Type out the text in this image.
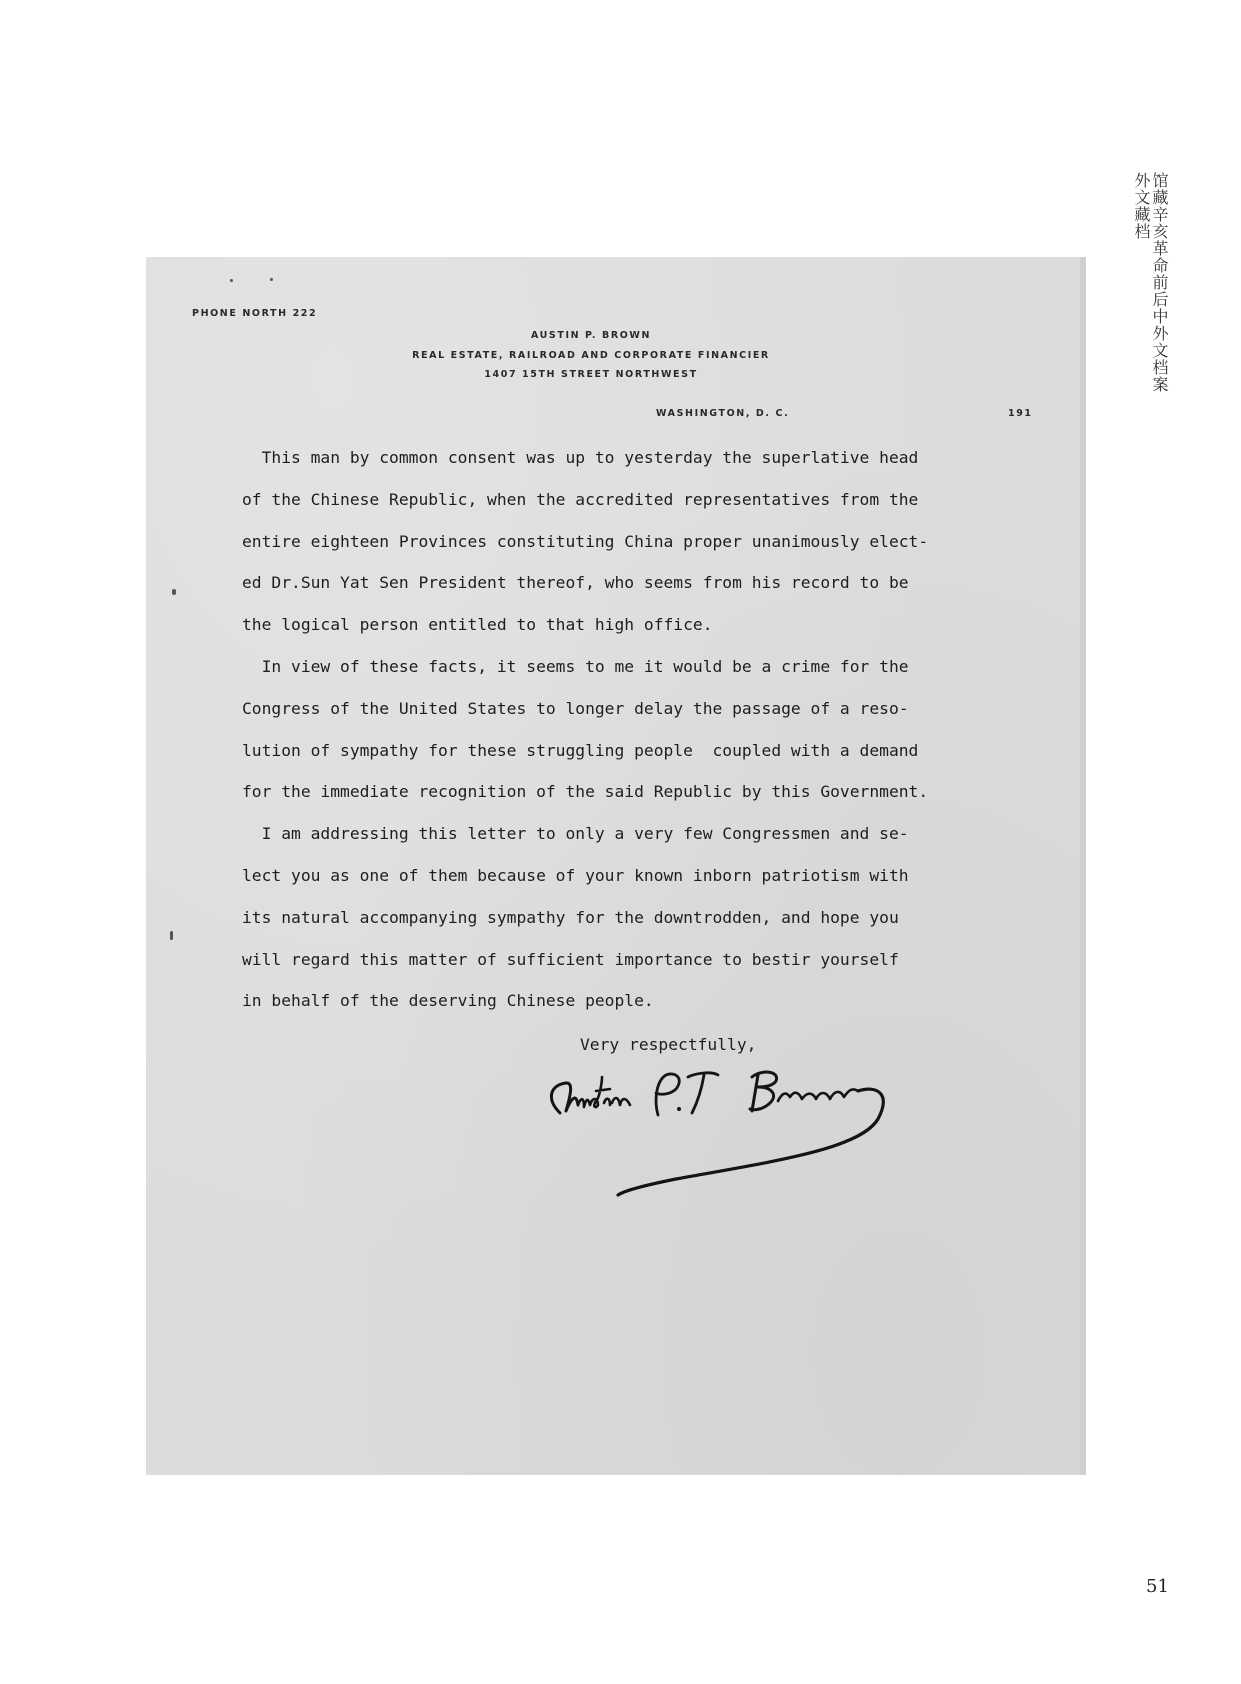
馆藏辛亥革命前后中外文档案
外文藏档
PHONE NORTH 222
AUSTIN P. BROWN
REAL ESTATE, RAILROAD AND CORPORATE FINANCIER
1407 15TH STREET NORTHWEST
WASHINGTON, D. C.	191

This man by common consent was up to yesterday the superlative head

of the Chinese Republic, when the accredited representatives from the

entire eighteen Provinces constituting China proper unanimously elect-

ed Dr.Sun Yat Sen President thereof, who seems from his record to be

the logical person entitled to that high office.

In view of these facts, it seems to me it would be a crime for the

Congress of the United States to longer delay the passage of a reso-

lution of sympathy for these struggling people  coupled with a demand

for the immediate recognition of the said Republic by this Government.

I am addressing this letter to only a very few Congressmen and se-

lect you as one of them because of your known inborn patriotism with

its natural accompanying sympathy for the downtrodden, and hope you

will regard this matter of sufficient importance to bestir yourself

in behalf of the deserving Chinese people.

Very respectfully,
51
